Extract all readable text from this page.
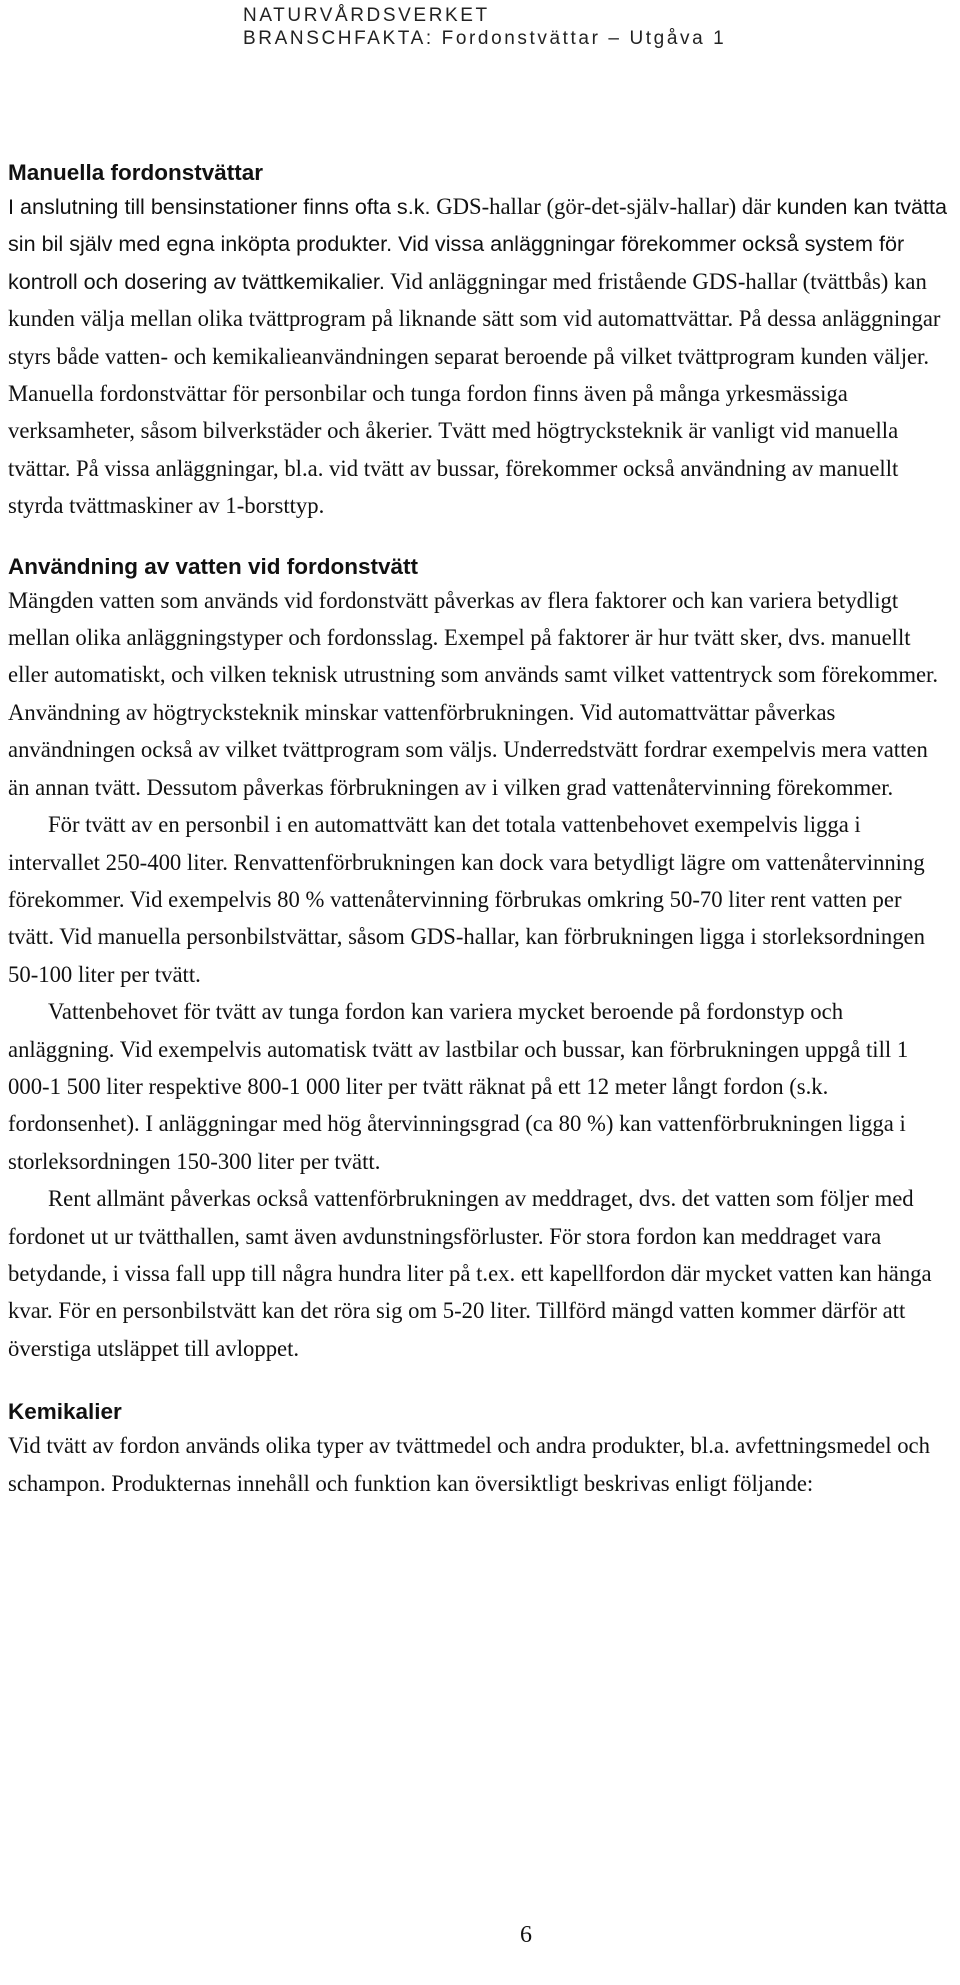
NATURVÅRDSVERKET
BRANSCHFAKTA: Fordonstvättar – Utgåva 1
Manuella fordonstvättar

I anslutning till bensinstationer finns ofta s.k. GDS-hallar (gör-det-själv-hallar) där kunden kan tvätta sin bil själv med egna inköpta produkter. Vid vissa anläggningar förekommer också system för kontroll och dosering av tvättkemikalier. Vid anläggningar med fristående GDS-hallar (tvättbås) kan kunden välja mellan olika tvättprogram på liknande sätt som vid automattvättar. På dessa anläggningar styrs både vatten- och kemikalieanvändningen separat beroende på vilket tvättprogram kunden väljer. Manuella fordonstvättar för personbilar och tunga fordon finns även på många yrkesmässiga verksamheter, såsom bilverkstäder och åkerier. Tvätt med högtrycksteknik är vanligt vid manuella tvättar. På vissa anläggningar, bl.a. vid tvätt av bussar, förekommer också användning av manuellt styrda tvättmaskiner av 1-borsttyp.

Användning av vatten vid fordonstvätt

Mängden vatten som används vid fordonstvätt påverkas av flera faktorer och kan variera betydligt mellan olika anläggningstyper och fordonsslag. Exempel på faktorer är hur tvätt sker, dvs. manuellt eller automatiskt, och vilken teknisk utrustning som används samt vilket vattentryck som förekommer. Användning av högtrycksteknik minskar vattenförbrukningen. Vid automattvättar påverkas användningen också av vilket tvättprogram som väljs. Underredstvätt fordrar exempelvis mera vatten än annan tvätt. Dessutom påverkas förbrukningen av i vilken grad vattenåtervinning förekommer.

För tvätt av en personbil i en automattvätt kan det totala vattenbehovet exempelvis ligga i intervallet 250-400 liter. Renvattenförbrukningen kan dock vara betydligt lägre om vattenåtervinning förekommer. Vid exempelvis 80 % vattenåtervinning förbrukas omkring 50-70 liter rent vatten per tvätt. Vid manuella personbilstvättar, såsom GDS-hallar, kan förbrukningen ligga i storleksordningen 50-100 liter per tvätt.

Vattenbehovet för tvätt av tunga fordon kan variera mycket beroende på fordonstyp och anläggning. Vid exempelvis automatisk tvätt av lastbilar och bussar, kan förbrukningen uppgå till 1 000-1 500 liter respektive 800-1 000 liter per tvätt räknat på ett 12 meter långt fordon (s.k. fordonsenhet). I anläggningar med hög återvinningsgrad (ca 80 %) kan vattenförbrukningen ligga i storleksordningen 150-300 liter per tvätt.

Rent allmänt påverkas också vattenförbrukningen av meddraget, dvs. det vatten som följer med fordonet ut ur tvätthallen, samt även avdunstningsförluster. För stora fordon kan meddraget vara betydande, i vissa fall upp till några hundra liter på t.ex. ett kapellfordon där mycket vatten kan hänga kvar. För en personbilstvätt kan det röra sig om 5-20 liter. Tillförd mängd vatten kommer därför att överstiga utsläppet till avloppet.

Kemikalier

Vid tvätt av fordon används olika typer av tvättmedel och andra produkter, bl.a. avfettningsmedel och schampon. Produkternas innehåll och funktion kan översiktligt beskrivas enligt följande:

6
